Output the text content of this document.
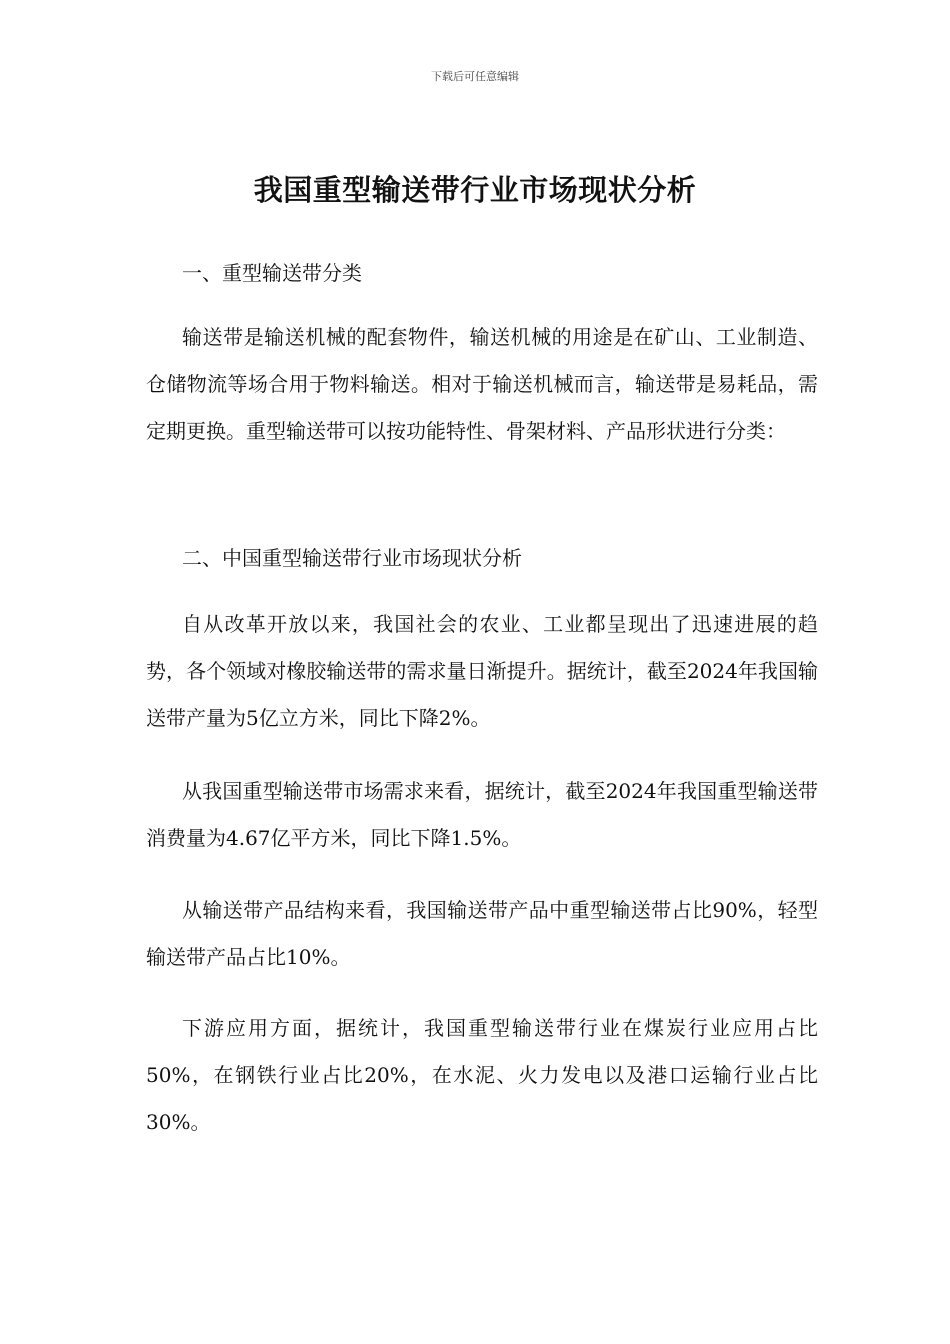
下载后可任意编辑
我国重型输送带行业市场现状分析

一、重型输送带分类

输送带是输送机械的配套物件，输送机械的用途是在矿山、工业制造、仓储物流等场合用于物料输送。相对于输送机械而言，输送带是易耗品，需定期更换。重型输送带可以按功能特性、骨架材料、产品形状进行分类：

二、中国重型输送带行业市场现状分析

自从改革开放以来，我国社会的农业、工业都呈现出了迅速进展的趋势，各个领域对橡胶输送带的需求量日渐提升。据统计，截至2024年我国输送带产量为5亿立方米，同比下降2%。

从我国重型输送带市场需求来看，据统计，截至2024年我国重型输送带消费量为4.67亿平方米，同比下降1.5%。

从输送带产品结构来看，我国输送带产品中重型输送带占比90%，轻型输送带产品占比10%。

下游应用方面，据统计，我国重型输送带行业在煤炭行业应用占比50%，在钢铁行业占比20%，在水泥、火力发电以及港口运输行业占比30%。
